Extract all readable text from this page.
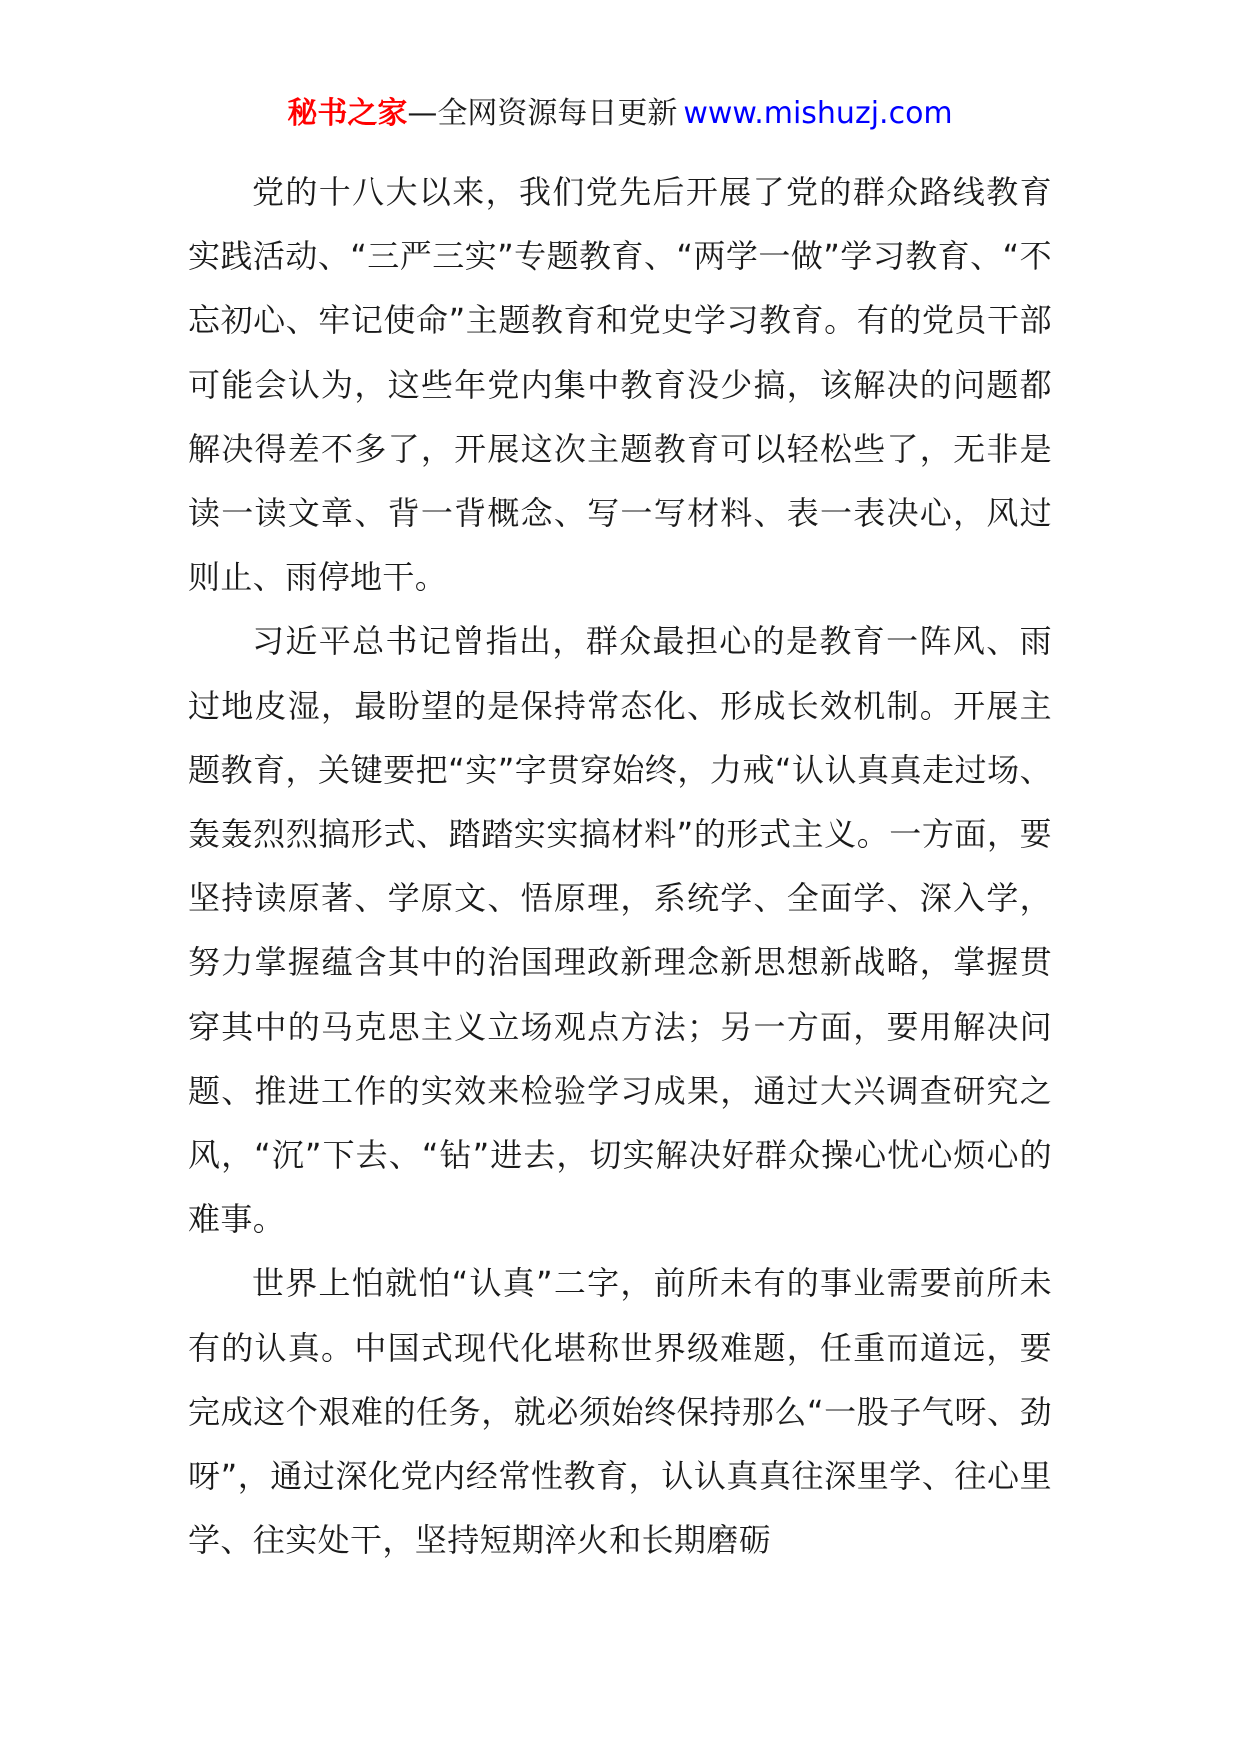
秘书之家—全网资源每日更新 www.mishuzj.com

党的十八大以来，我们党先后开展了党的群众路线教育实践活动、“三严三实”专题教育、“两学一做”学习教育、“不忘初心、牢记使命”主题教育和党史学习教育。有的党员干部可能会认为，这些年党内集中教育没少搞，该解决的问题都解决得差不多了，开展这次主题教育可以轻松些了，无非是读一读文章、背一背概念、写一写材料、表一表决心，风过则止、雨停地干。

习近平总书记曾指出，群众最担心的是教育一阵风、雨过地皮湿，最盼望的是保持常态化、形成长效机制。开展主题教育，关键要把“实”字贯穿始终，力戒“认认真真走过场、轰轰烈烈搞形式、踏踏实实搞材料”的形式主义。一方面，要坚持读原著、学原文、悟原理，系统学、全面学、深入学，努力掌握蕴含其中的治国理政新理念新思想新战略，掌握贯穿其中的马克思主义立场观点方法；另一方面，要用解决问题、推进工作的实效来检验学习成果，通过大兴调查研究之风，“沉”下去、“钻”进去，切实解决好群众操心忧心烦心的难事。

世界上怕就怕“认真”二字，前所未有的事业需要前所未有的认真。中国式现代化堪称世界级难题，任重而道远，要完成这个艰难的任务，就必须始终保持那么“一股子气呀、劲呀”，通过深化党内经常性教育，认认真真往深里学、往心里学、往实处干，坚持短期淬火和长期磨砺
